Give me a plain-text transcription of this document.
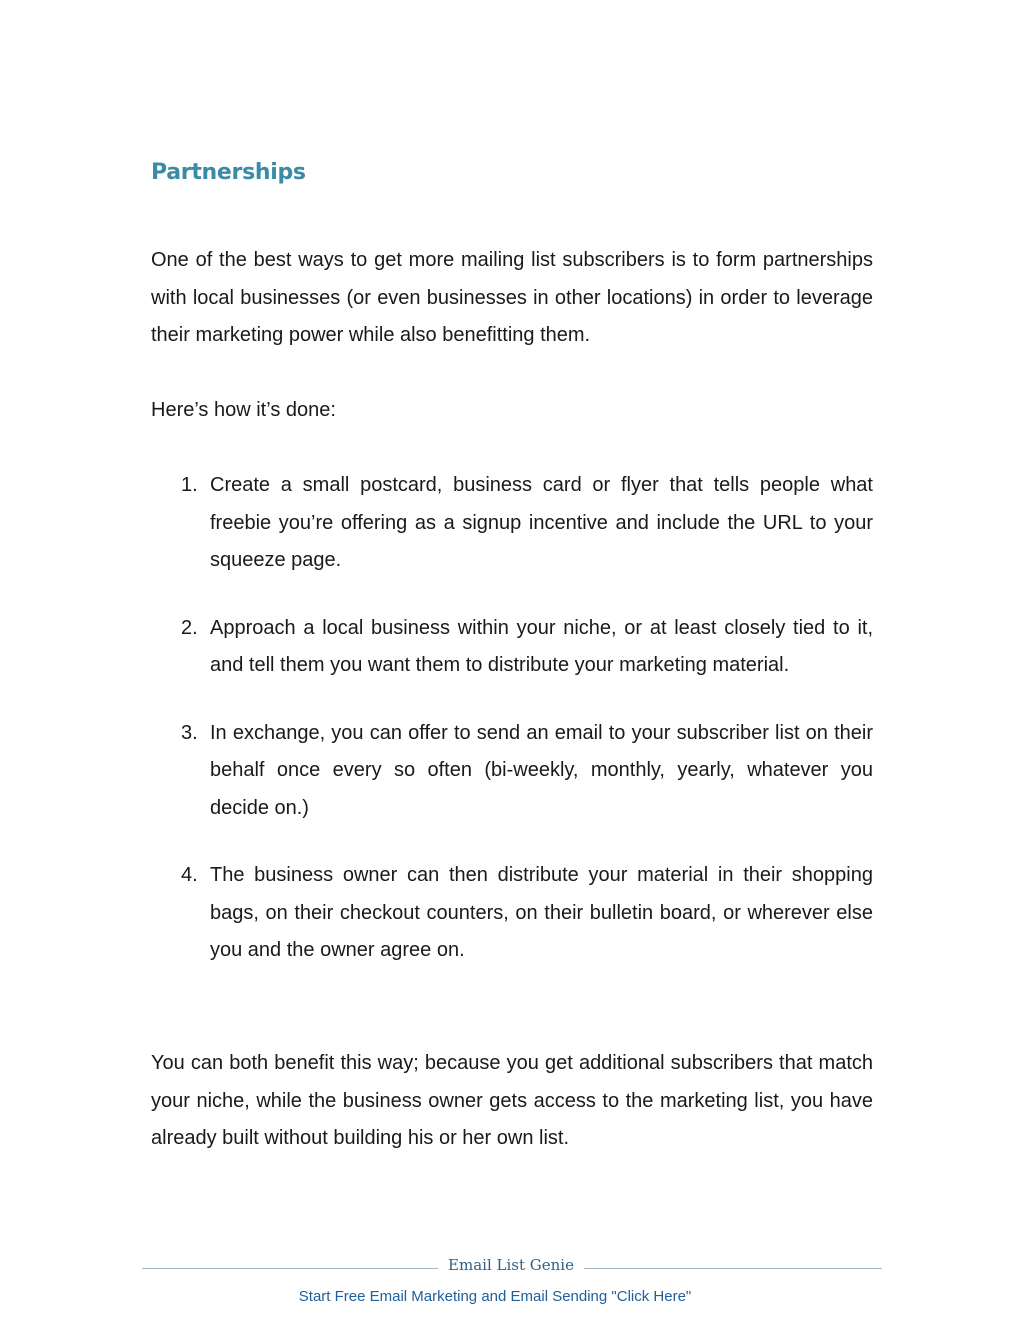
Partnerships

One of the best ways to get more mailing list subscribers is to form partnerships with local businesses (or even businesses in other locations) in order to leverage their marketing power while also benefitting them.

Here’s how it’s done:

1. Create a small postcard, business card or flyer that tells people what freebie you’re offering as a signup incentive and include the URL to your squeeze page.
2. Approach a local business within your niche, or at least closely tied to it, and tell them you want them to distribute your marketing material.
3. In exchange, you can offer to send an email to your subscriber list on their behalf once every so often (bi-weekly, monthly, yearly, whatever you decide on.)
4. The business owner can then distribute your material in their shopping bags, on their checkout counters, on their bulletin board, or wherever else you and the owner agree on.

You can both benefit this way; because you get additional subscribers that match your niche, while the business owner gets access to the marketing list, you have already built without building his or her own list.

Email List Genie
Start Free Email Marketing and Email Sending "Click Here"
